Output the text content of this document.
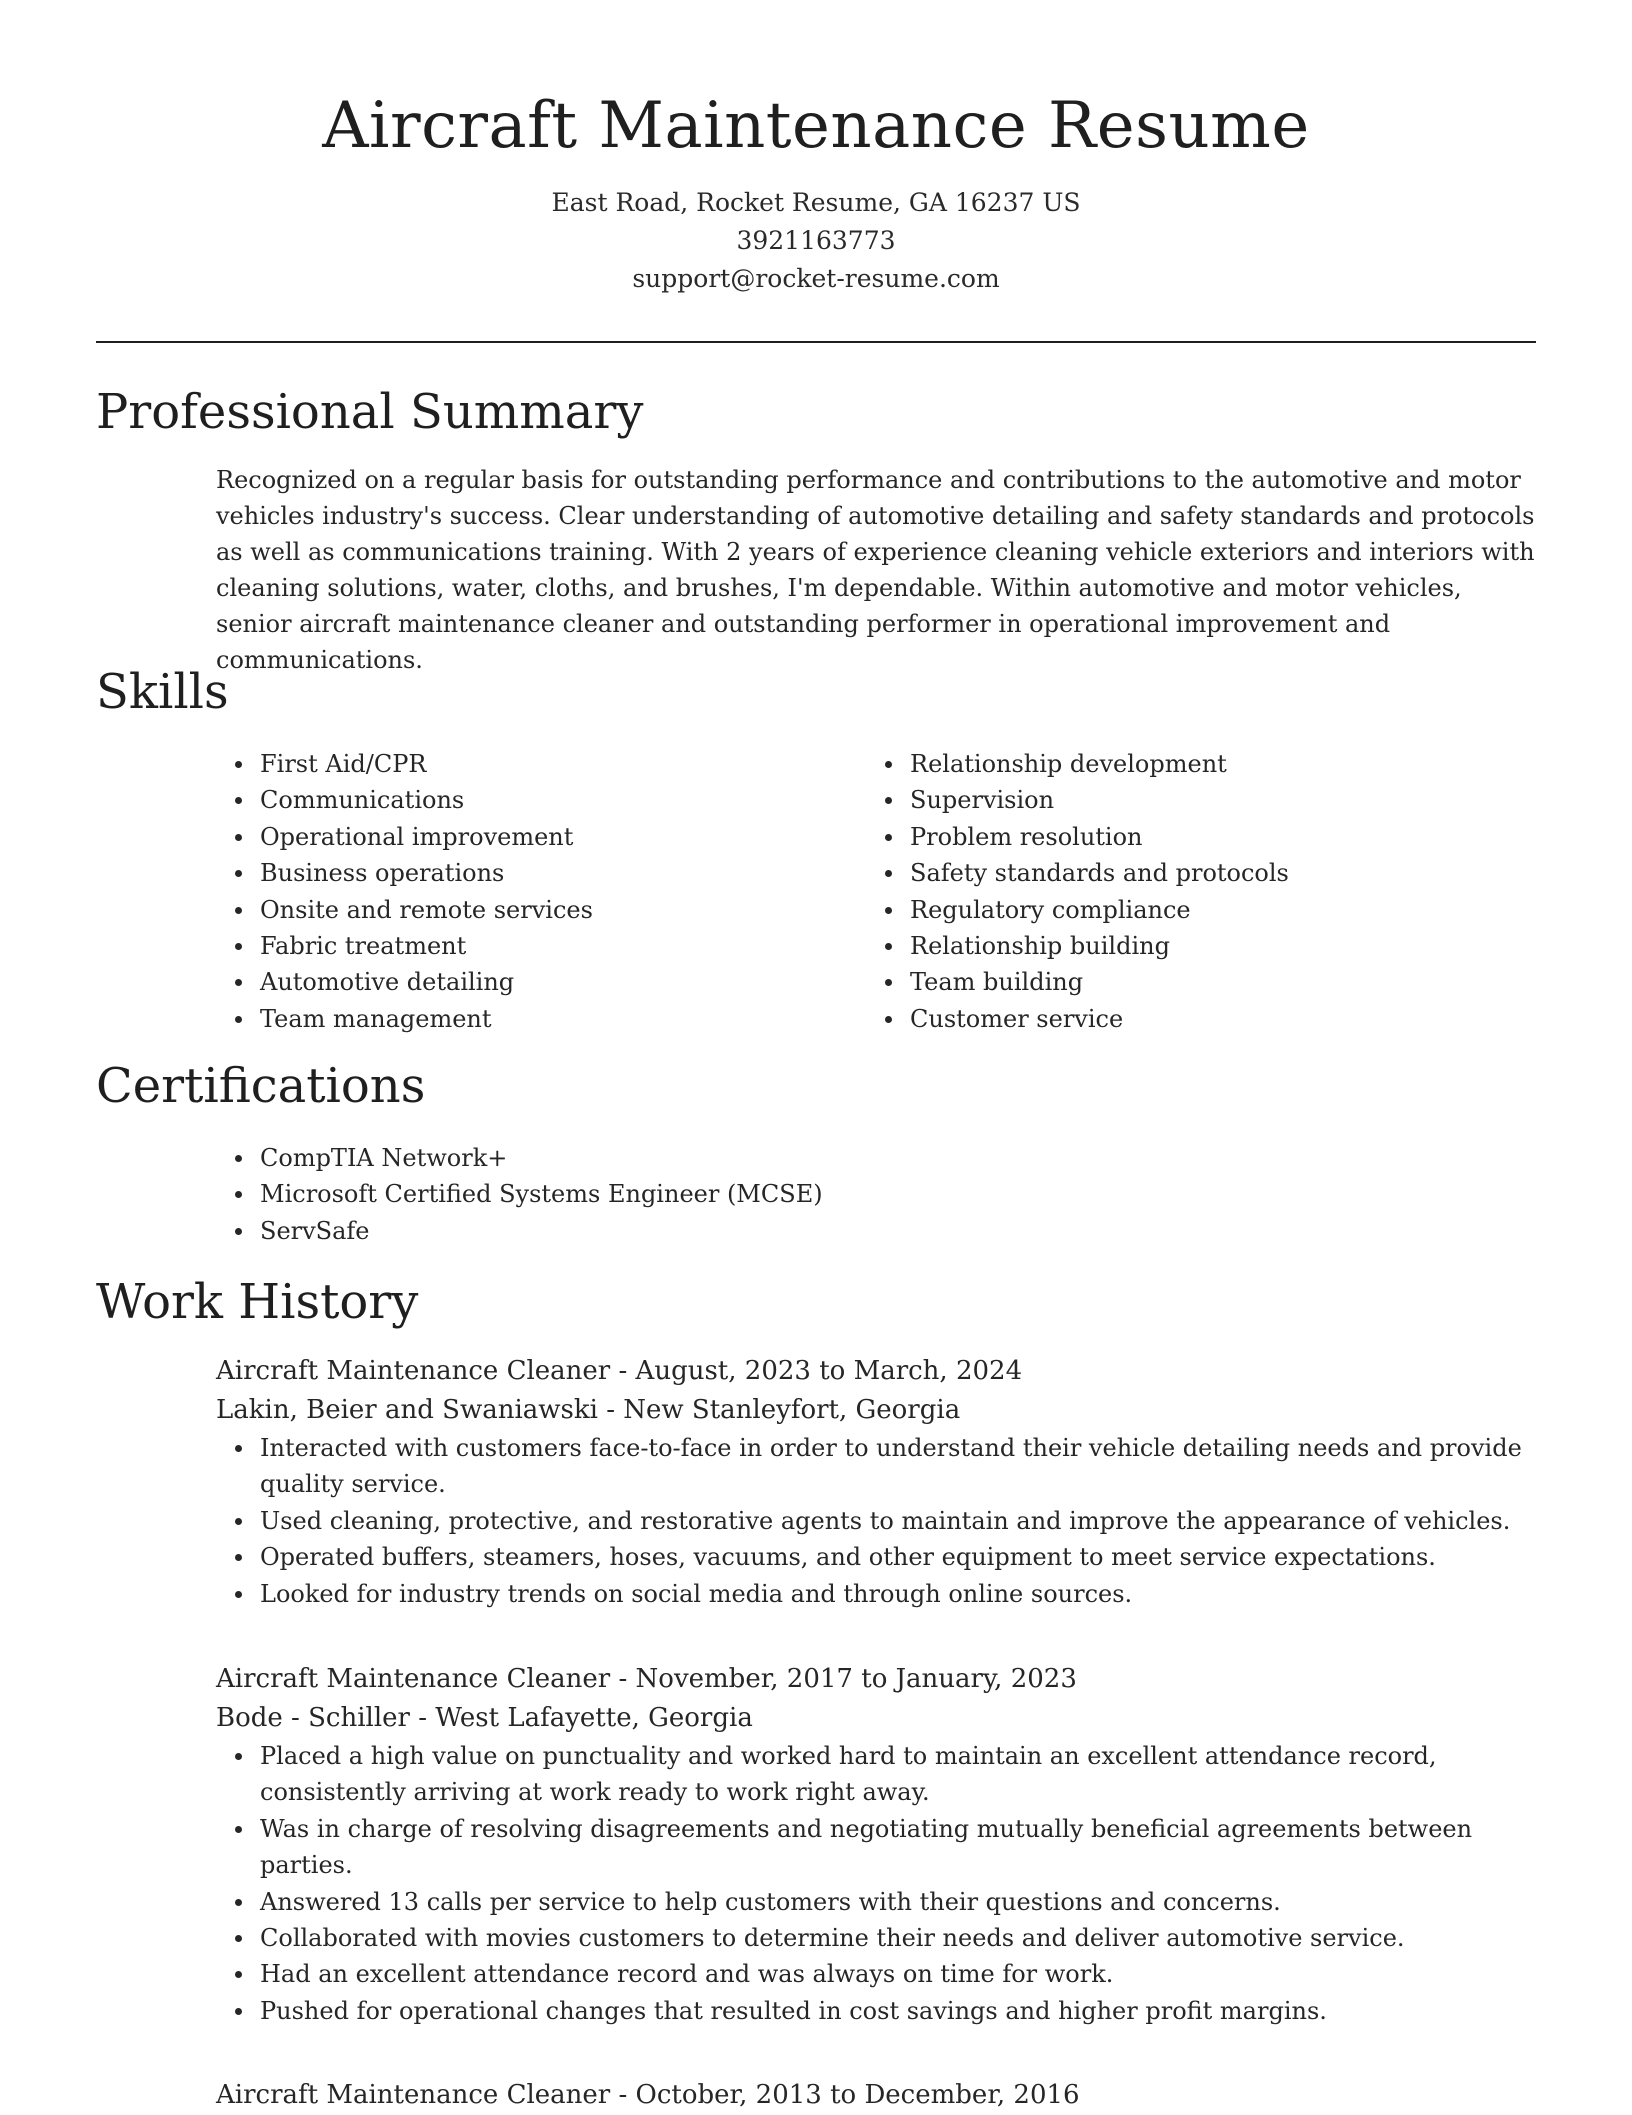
Aircraft Maintenance Resume
East Road, Rocket Resume, GA 16237 US
3921163773
support@rocket-resume.com
Professional Summary
Recognized on a regular basis for outstanding performance and contributions to the automotive and motor vehicles industry's success. Clear understanding of automotive detailing and safety standards and protocols as well as communications training. With 2 years of experience cleaning vehicle exteriors and interiors with cleaning solutions, water, cloths, and brushes, I'm dependable. Within automotive and motor vehicles, senior aircraft maintenance cleaner and outstanding performer in operational improvement and communications.
Skills
First Aid/CPR
Communications
Operational improvement
Business operations
Onsite and remote services
Fabric treatment
Automotive detailing
Team management
Relationship development
Supervision
Problem resolution
Safety standards and protocols
Regulatory compliance
Relationship building
Team building
Customer service
Certifications
CompTIA Network+
Microsoft Certified Systems Engineer (MCSE)
ServSafe
Work History
Aircraft Maintenance Cleaner - August, 2023 to March, 2024
Lakin, Beier and Swaniawski - New Stanleyfort, Georgia
Interacted with customers face-to-face in order to understand their vehicle detailing needs and provide quality service.
Used cleaning, protective, and restorative agents to maintain and improve the appearance of vehicles.
Operated buffers, steamers, hoses, vacuums, and other equipment to meet service expectations.
Looked for industry trends on social media and through online sources.
Aircraft Maintenance Cleaner - November, 2017 to January, 2023
Bode - Schiller - West Lafayette, Georgia
Placed a high value on punctuality and worked hard to maintain an excellent attendance record, consistently arriving at work ready to work right away.
Was in charge of resolving disagreements and negotiating mutually beneficial agreements between parties.
Answered 13 calls per service to help customers with their questions and concerns.
Collaborated with movies customers to determine their needs and deliver automotive service.
Had an excellent attendance record and was always on time for work.
Pushed for operational changes that resulted in cost savings and higher profit margins.
Aircraft Maintenance Cleaner - October, 2013 to December, 2016
